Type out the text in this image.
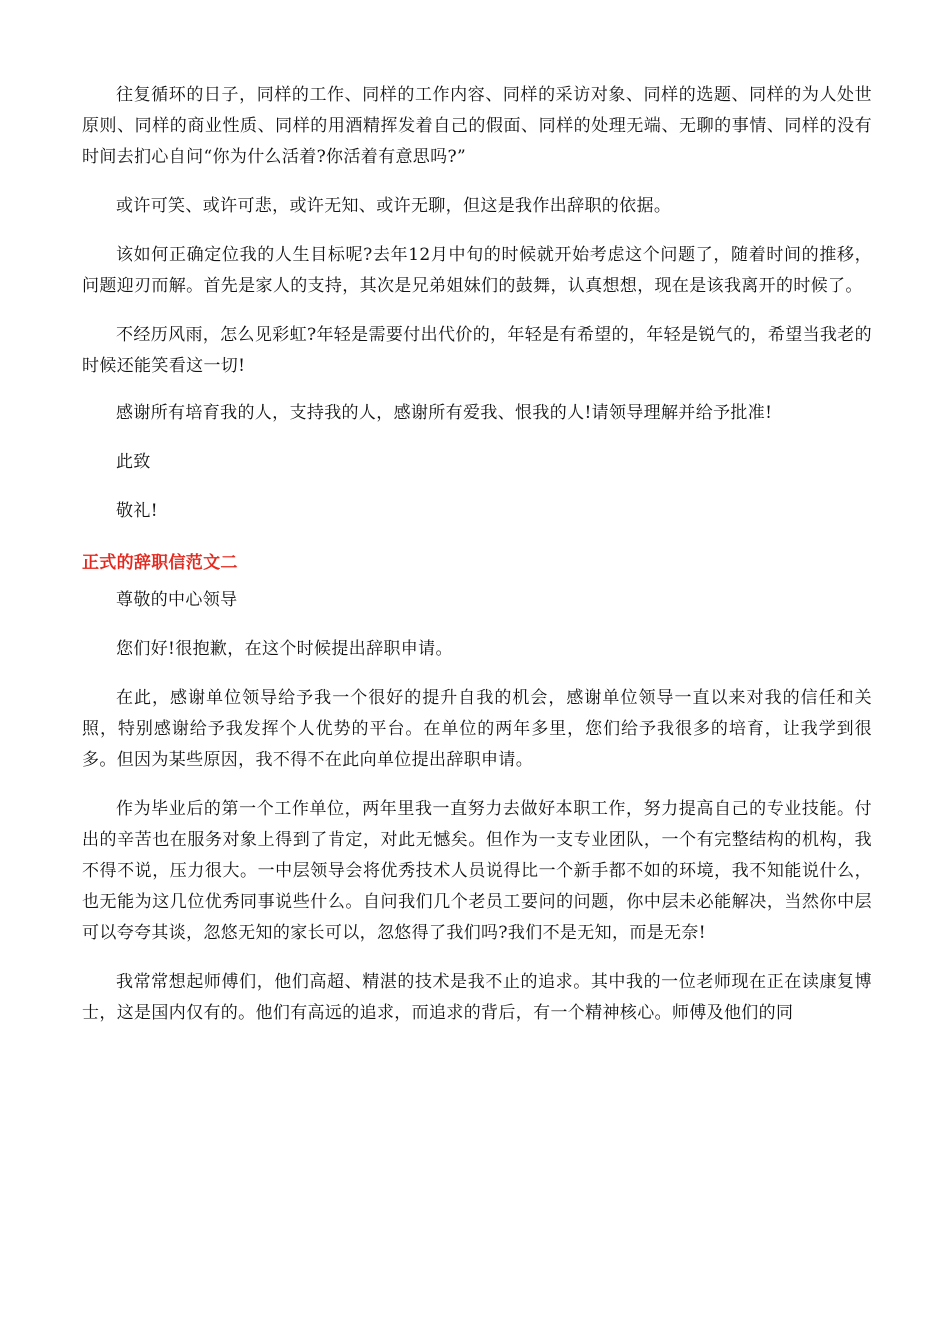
往复循环的日子，同样的工作、同样的工作内容、同样的采访对象、同样的选题、同样的为人处世原则、同样的商业性质、同样的用酒精挥发着自己的假面、同样的处理无端、无聊的事情、同样的没有时间去扪心自问“你为什么活着?你活着有意思吗?”

或许可笑、或许可悲，或许无知、或许无聊，但这是我作出辞职的依据。

该如何正确定位我的人生目标呢?去年12月中旬的时候就开始考虑这个问题了，随着时间的推移，问题迎刃而解。首先是家人的支持，其次是兄弟姐妹们的鼓舞，认真想想，现在是该我离开的时候了。

不经历风雨，怎么见彩虹?年轻是需要付出代价的，年轻是有希望的，年轻是锐气的，希望当我老的时候还能笑看这一切!

感谢所有培育我的人，支持我的人，感谢所有爱我、恨我的人!请领导理解并给予批准!

此致

敬礼!

正式的辞职信范文二

尊敬的中心领导

您们好!很抱歉，在这个时候提出辞职申请。

在此，感谢单位领导给予我一个很好的提升自我的机会，感谢单位领导一直以来对我的信任和关照，特别感谢给予我发挥个人优势的平台。在单位的两年多里，您们给予我很多的培育，让我学到很多。但因为某些原因，我不得不在此向单位提出辞职申请。

作为毕业后的第一个工作单位，两年里我一直努力去做好本职工作，努力提高自己的专业技能。付出的辛苦也在服务对象上得到了肯定，对此无憾矣。但作为一支专业团队，一个有完整结构的机构，我不得不说，压力很大。一中层领导会将优秀技术人员说得比一个新手都不如的环境，我不知能说什么，也无能为这几位优秀同事说些什么。自问我们几个老员工要问的问题，你中层未必能解决，当然你中层可以夸夸其谈，忽悠无知的家长可以，忽悠得了我们吗?我们不是无知，而是无奈!

我常常想起师傅们，他们高超、精湛的技术是我不止的追求。其中我的一位老师现在正在读康复博士，这是国内仅有的。他们有高远的追求，而追求的背后，有一个精神核心。师傅及他们的同
